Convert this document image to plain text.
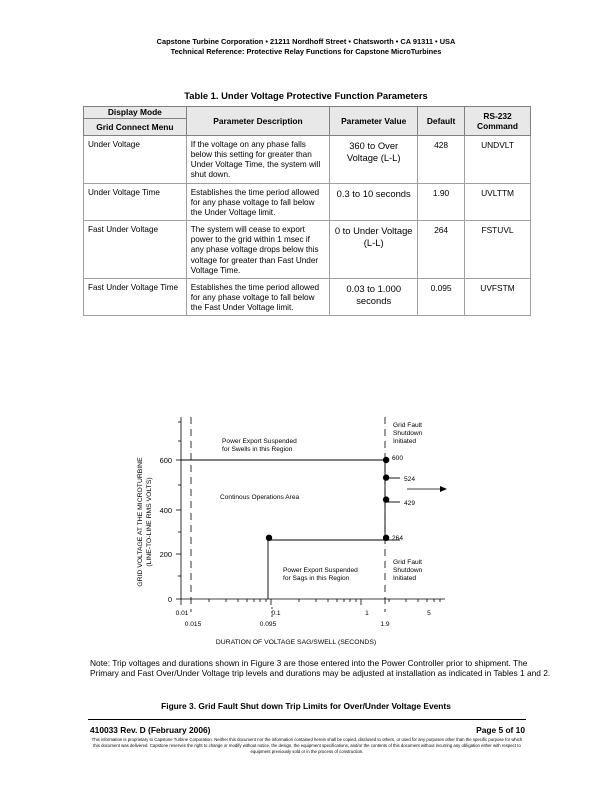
Capstone Turbine Corporation • 21211 Nordhoff Street • Chatsworth • CA 91311 • USA
Technical Reference: Protective Relay Functions for Capstone MicroTurbines
Table 1. Under Voltage Protective Function Parameters
Display Mode
Grid Connect Menu	Parameter Description	Parameter Value	Default	RS-232 Command
Under Voltage	If the voltage on any phase falls below this setting for greater than Under Voltage Time, the system will shut down.	360 to Over Voltage (L-L)	428	UNDVLT
Under Voltage Time	Establishes the time period allowed for any phase voltage to fall below the Under Voltage limit.	0.3 to 10 seconds	1.90	UVLTTM
Fast Under Voltage	The system will cease to export power to the grid within 1 msec if any phase voltage drops below this voltage for greater than Fast Under Voltage Time.	0 to Under Voltage (L-L)	264	FSTUVL
Fast Under Voltage Time	Establishes the time period allowed for any phase voltage to fall below the Fast Under Voltage limit.	0.03 to 1.000 seconds	0.095	UVFSTM
600
400
200
0
0.01	0.1	1	5
0.015	0.095	1.9
GRID VOLTAGE AT THE MICROTURBINE (LINE-TO-LINE RMS VOLTS)
DURATION OF VOLTAGE SAG/SWELL (SECONDS)
600
524
429
264
Power Export Suspended
for Swells in this Region
Continous Operations Area
Power Export Suspended
for Sags in this Region
Grid Fault
Shutdown
Initiated
Grid Fault
Shutdown
Initiated
Note: Trip voltages and durations shown in Figure 3 are those entered into the Power Controller prior to shipment. The Primary and Fast Over/Under Voltage trip levels and durations may be adjusted at installation as indicated in Tables 1 and 2.
Figure 3. Grid Fault Shut down Trip Limits for Over/Under Voltage Events
410033 Rev. D (February 2006)	Page 5 of 10
This information is proprietary to Capstone Turbine Corporation. Neither this document nor the information contained herein shall be copied, disclosed to others, or used for any purposes other than the specific purpose for which this document was delivered. Capstone reserves the right to change or modify without notice, the design, the equipment specifications, and/or the contents of this document without incurring any obligation either with respect to equipment previously sold or in the process of construction.
